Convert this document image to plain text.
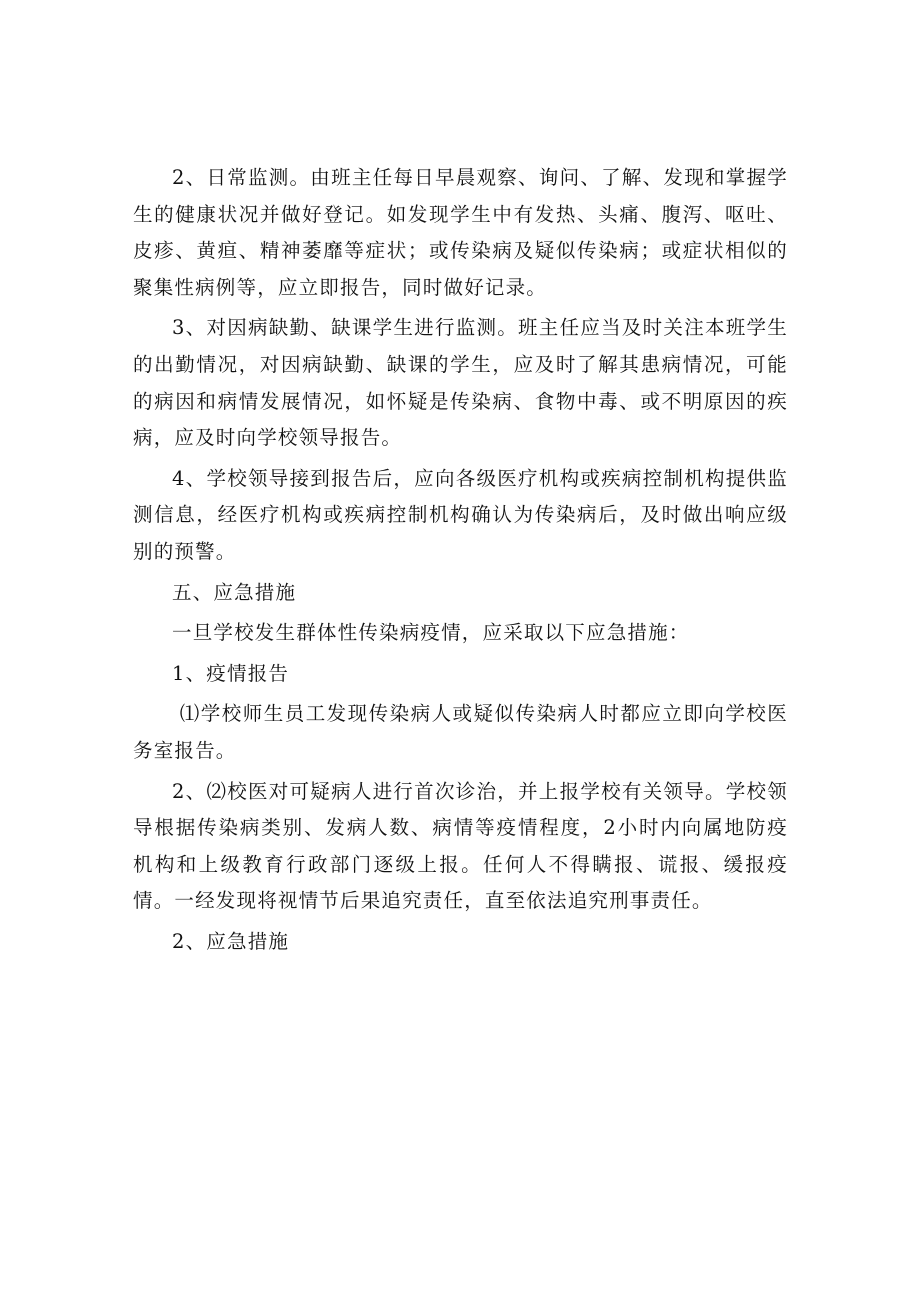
2、日常监测。由班主任每日早晨观察、询问、了解、发现和掌握学生的健康状况并做好登记。如发现学生中有发热、头痛、腹泻、呕吐、皮疹、黄疸、精神萎靡等症状；或传染病及疑似传染病；或症状相似的聚集性病例等，应立即报告，同时做好记录。

3、对因病缺勤、缺课学生进行监测。班主任应当及时关注本班学生的出勤情况，对因病缺勤、缺课的学生，应及时了解其患病情况，可能的病因和病情发展情况，如怀疑是传染病、食物中毒、或不明原因的疾病，应及时向学校领导报告。

4、学校领导接到报告后，应向各级医疗机构或疾病控制机构提供监测信息，经医疗机构或疾病控制机构确认为传染病后，及时做出响应级别的预警。

五、应急措施

一旦学校发生群体性传染病疫情，应采取以下应急措施：

1、疫情报告

⑴学校师生员工发现传染病人或疑似传染病人时都应立即向学校医务室报告。

2、⑵校医对可疑病人进行首次诊治，并上报学校有关领导。学校领导根据传染病类别、发病人数、病情等疫情程度，2小时内向属地防疫机构和上级教育行政部门逐级上报。任何人不得瞒报、谎报、缓报疫情。一经发现将视情节后果追究责任，直至依法追究刑事责任。

2、应急措施
